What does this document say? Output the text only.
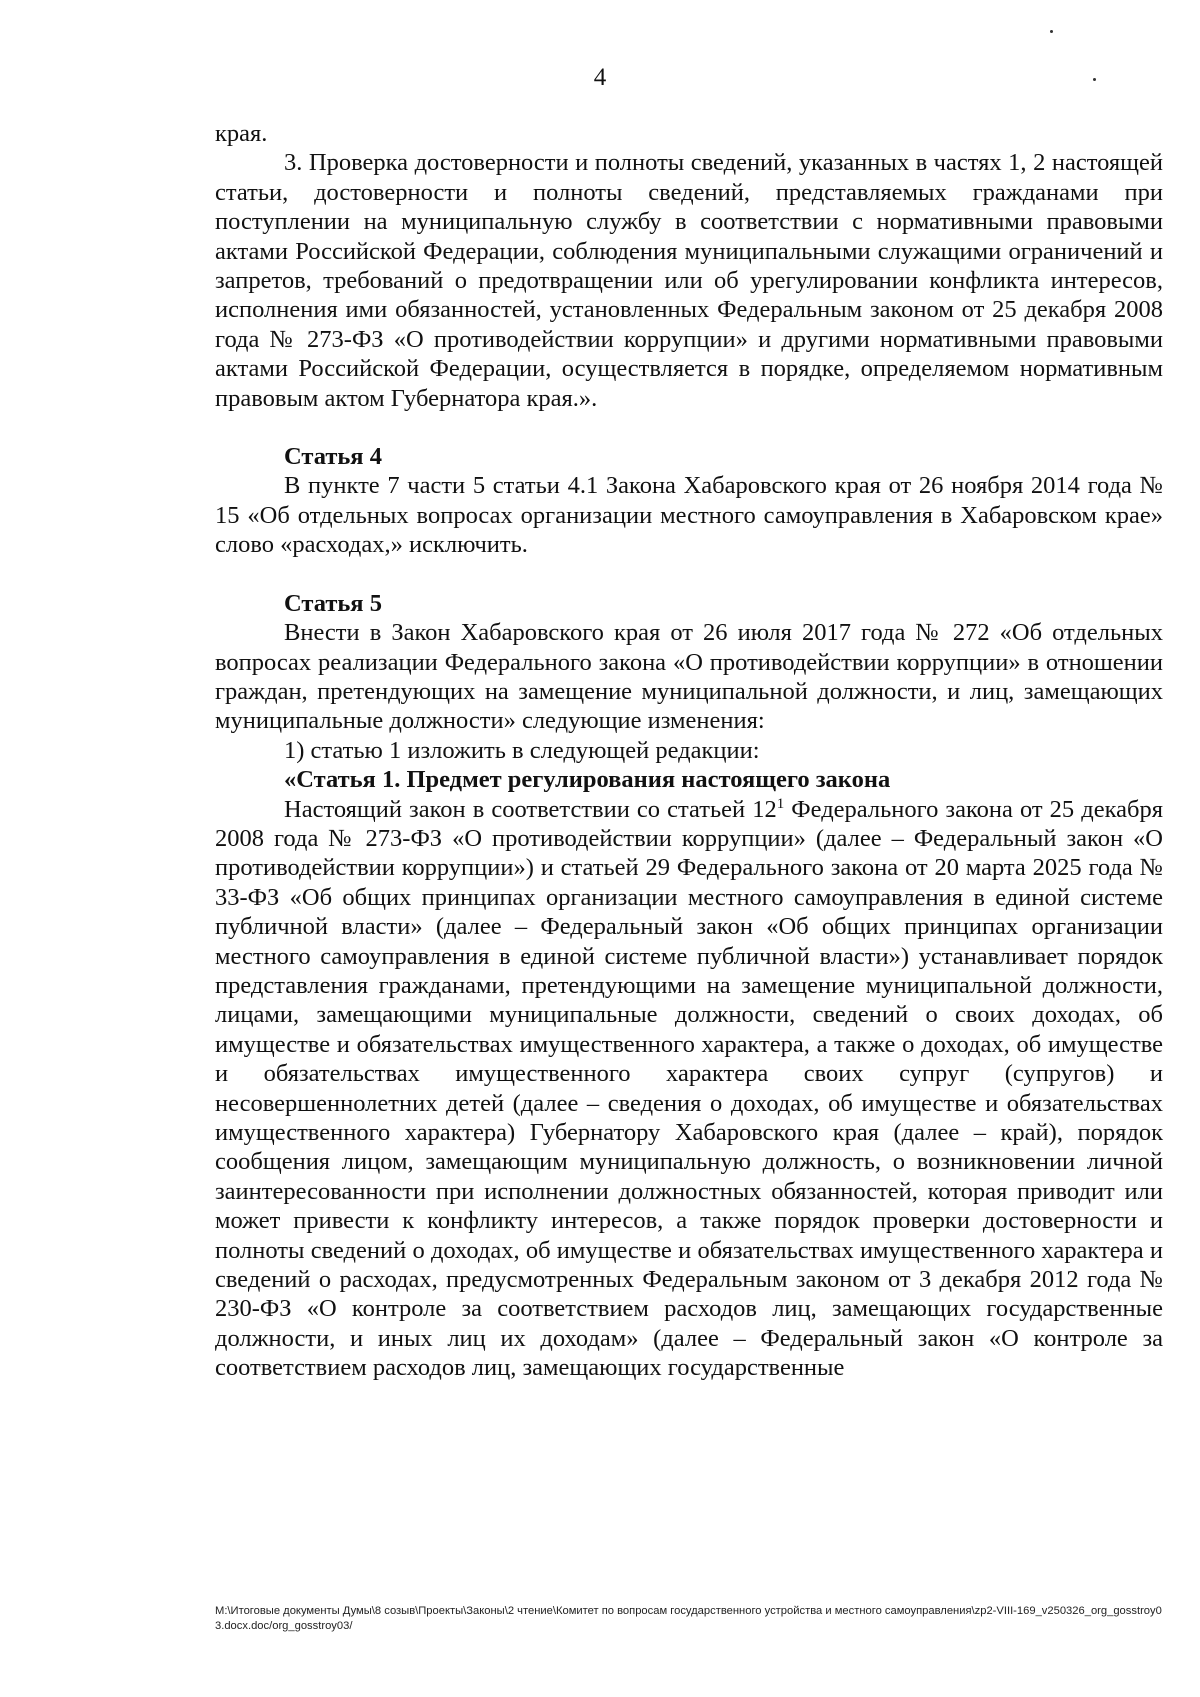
4

края.

3. Проверка достоверности и полноты сведений, указанных в частях 1, 2 настоящей статьи, достоверности и полноты сведений, представляемых гражданами при поступлении на муниципальную службу в соответствии с нормативными правовыми актами Российской Федерации, соблюдения муниципальными служащими ограничений и запретов, требований о предотвращении или об урегулировании конфликта интересов, исполнения ими обязанностей, установленных Федеральным законом от 25 декабря 2008 года № 273-ФЗ «О противодействии коррупции» и другими нормативными правовыми актами Российской Федерации, осуществляется в порядке, определяемом нормативным правовым актом Губернатора края.».

Статья 4

В пункте 7 части 5 статьи 4.1 Закона Хабаровского края от 26 ноября 2014 года № 15 «Об отдельных вопросах организации местного самоуправления в Хабаровском крае» слово «расходах,» исключить.

Статья 5

Внести в Закон Хабаровского края от 26 июля 2017 года № 272 «Об отдельных вопросах реализации Федерального закона «О противодействии коррупции» в отношении граждан, претендующих на замещение муниципальной должности, и лиц, замещающих муниципальные должности» следующие изменения:

1) статью 1 изложить в следующей редакции:

«Статья 1. Предмет регулирования настоящего закона

Настоящий закон в соответствии со статьей $12^1$ Федерального закона от 25 декабря 2008 года № 273-ФЗ «О противодействии коррупции» (далее – Федеральный закон «О противодействии коррупции») и статьей 29 Федерального закона от 20 марта 2025 года № 33-ФЗ «Об общих принципах организации местного самоуправления в единой системе публичной власти» (далее – Федеральный закон «Об общих принципах организации местного самоуправления в единой системе публичной власти») устанавливает порядок представления гражданами, претендующими на замещение муниципальной должности, лицами, замещающими муниципальные должности, сведений о своих доходах, об имуществе и обязательствах имущественного характера, а также о доходах, об имуществе и обязательствах имущественного характера своих супруг (супругов) и несовершеннолетних детей (далее – сведения о доходах, об имуществе и обязательствах имущественного характера) Губернатору Хабаровского края (далее – край), порядок сообщения лицом, замещающим муниципальную должность, о возникновении личной заинтересованности при исполнении должностных обязанностей, которая приводит или может привести к конфликту интересов, а также порядок проверки достоверности и полноты сведений о доходах, об имуществе и обязательствах имущественного характера и сведений о расходах, предусмотренных Федеральным законом от 3 декабря 2012 года № 230-ФЗ «О контроле за соответствием расходов лиц, замещающих государственные должности, и иных лиц их доходам» (далее – Федеральный закон «О контроле за соответствием расходов лиц, замещающих государственные

M:\Итоговые документы Думы\8 созыв\Проекты\Законы\2 чтение\Комитет по вопросам государственного устройства и местного самоуправления\zp2-VIII-169_v250326_org_gosstroy03.docx.doc/org_gosstroy03/
